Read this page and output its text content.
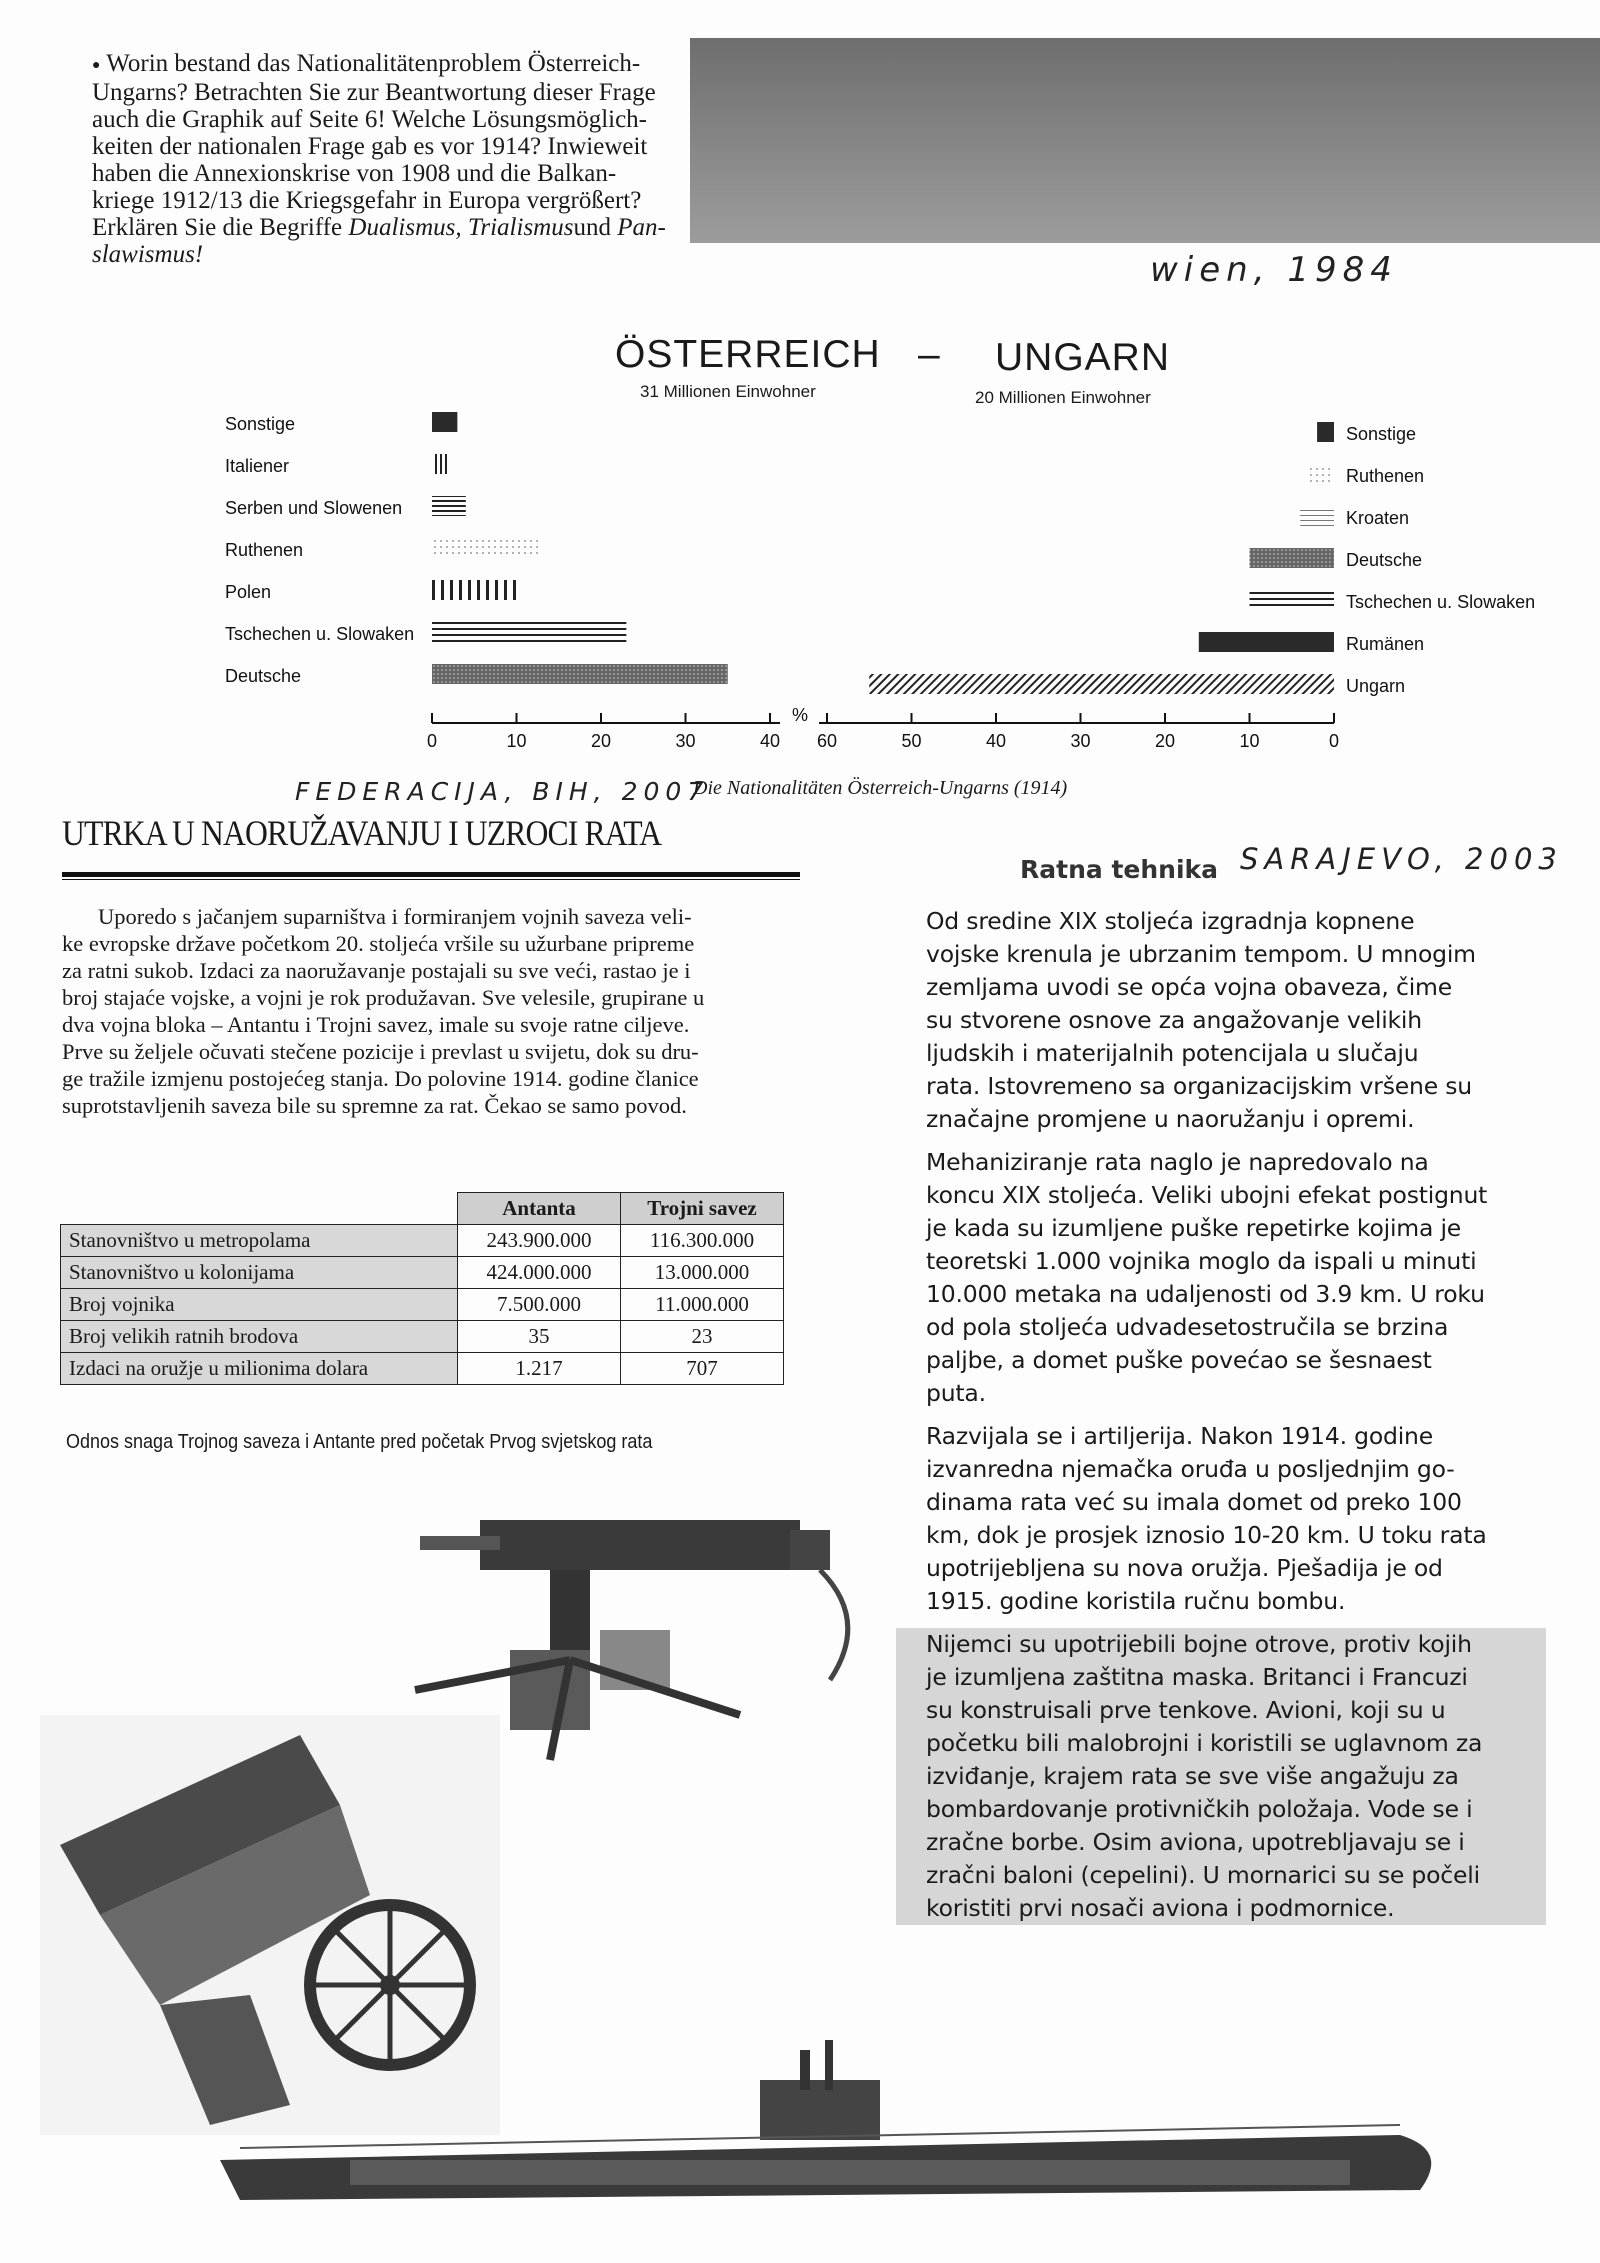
● Worin bestand das Nationalitätenproblem Österreich-

Ungarns? Betrachten Sie zur Beantwortung dieser Frage

auch die Graphik auf Seite 6! Welche Lösungsmöglich-

keiten der nationalen Frage gab es vor 1914? Inwieweit

haben die Annexionskrise von 1908 und die Balkan-

kriege 1912/13 die Kriegsgefahr in Europa vergrößert?

Erklären Sie die Begriffe Dualismus, Trialismusund Pan-

slawismus!	wien, 1984
FEDERACIJA, BIH, 2007
SARAJEVO, 2003
ÖSTERREICH – UNGARN
31 Millionen Einwohner	20 Millionen Einwohner
Sonstige
Italiener
Serben und Slowenen
Ruthenen
Polen
Tschechen u. Slowaken
Deutsche
Sonstige
Ruthenen
Kroaten
Deutsche
Tschechen u. Slowaken
Rumänen
Ungarn
0	10	20	30	40 60	50	40	30	20	10	0
%
Die Nationalitäten Österreich-Ungarns (1914)
UTRKA U NAORUŽAVANJU I UZROCI RATA
Uporedo s jačanjem suparništva i formiranjem vojnih saveza veli-
ke evropske države početkom 20. stoljeća vršile su užurbane pripreme
za ratni sukob. Izdaci za naoružavanje postajali su sve veći, rastao je i
broj stajaće vojske, a vojni je rok produžavan. Sve velesile, grupirane u
dva vojna bloka – Antantu i Trojni savez, imale su svoje ratne ciljeve.
Prve su željele očuvati stečene pozicije i prevlast u svijetu, dok su dru-
ge tražile izmjenu postojećeg stanja. Do polovine 1914. godine članice
suprotstavljenih saveza bile su spremne za rat. Čekao se samo povod.
	Antanta	Trojni savez
Stanovništvo u metropolama	243.900.000	116.300.000
Stanovništvo u kolonijama	424.000.000	13.000.000
Broj vojnika	7.500.000	11.000.000
Broj velikih ratnih brodova	35	23
Izdaci na oružje u milionima dolara	1.217	707
Odnos snaga Trojnog saveza i Antante pred početak Prvog svjetskog rata
Ratna tehnika

Od sredine XIX stoljeća izgradnja kopnene
vojske krenula je ubrzanim tempom. U mnogim
zemljama uvodi se opća vojna obaveza, čime
su stvorene osnove za angažovanje velikih
ljudskih i materijalnih potencijala u slučaju
rata. Istovremeno sa organizacijskim vršene su
značajne promjene u naoružanju i opremi.

Mehaniziranje rata naglo je napredovalo na
koncu XIX stoljeća. Veliki ubojni efekat postignut
je kada su izumljene puške repetirke kojima je
teoretski 1.000 vojnika moglo da ispali u minuti
10.000 metaka na udaljenosti od 3.9 km. U roku
od pola stoljeća udvadesetostručila se brzina
paljbe, a domet puške povećao se šesnaest
puta.

Razvijala se i artiljerija. Nakon 1914. godine
izvanredna njemačka oruđa u posljednjim go-
dinama rata već su imala domet od preko 100
km, dok je prosjek iznosio 10-20 km. U toku rata
upotrijebljena su nova oružja. Pješadija je od
1915. godine koristila ručnu bombu.

Nijemci su upotrijebili bojne otrove, protiv kojih
je izumljena zaštitna maska. Britanci i Francuzi
su konstruisali prve tenkove. Avioni, koji su u
početku bili malobrojni i koristili se uglavnom za
izviđanje, krajem rata se sve više angažuju za
bombardovanje protivničkih položaja. Vode se i
zračne borbe. Osim aviona, upotrebljavaju se i
zračni baloni (cepelini). U mornarici su se počeli
koristiti prvi nosači aviona i podmornice.
